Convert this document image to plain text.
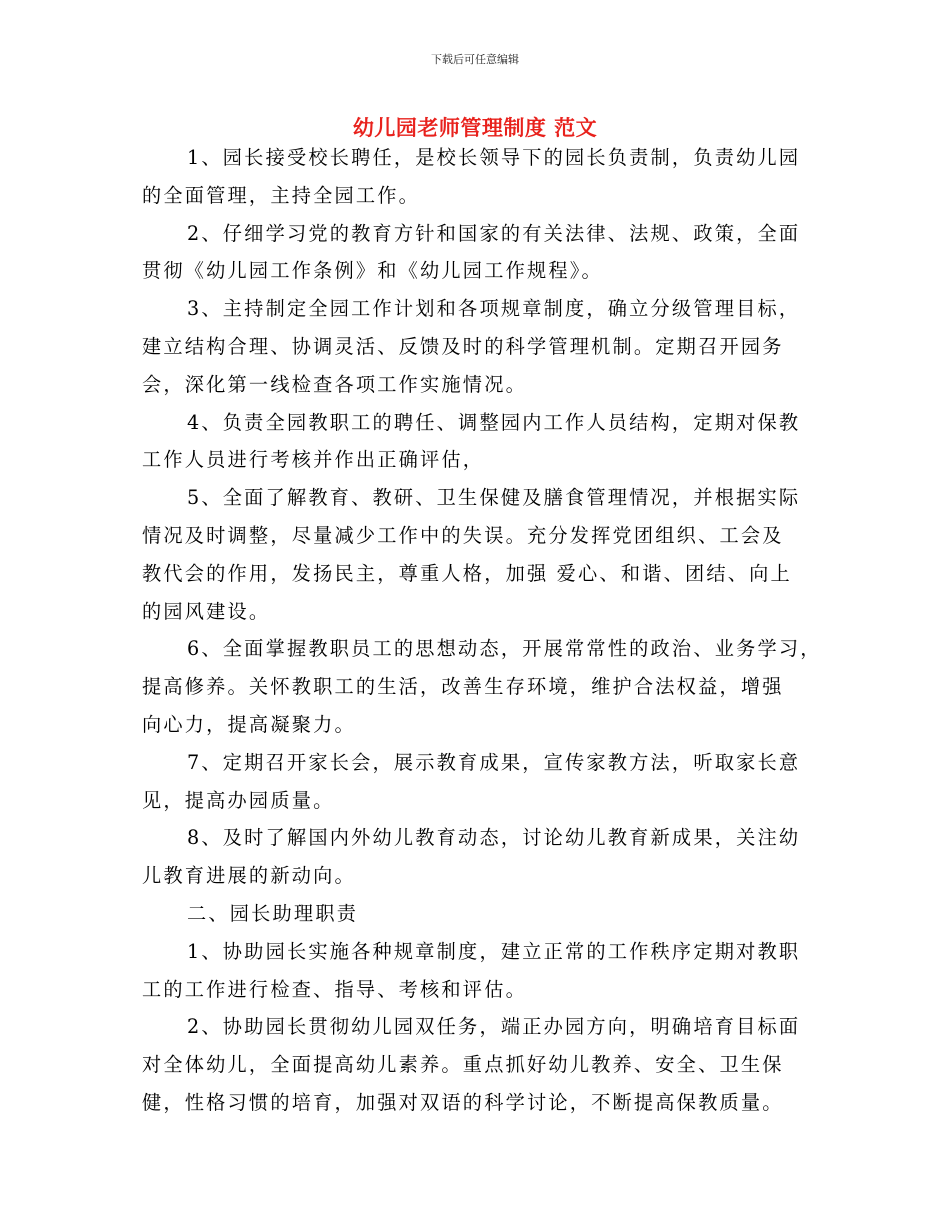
下载后可任意编辑
幼儿园老师管理制度 范文
1、园长接受校长聘任，是校长领导下的园长负责制，负责幼儿园
的全面管理，主持全园工作。
2、仔细学习党的教育方针和国家的有关法律、法规、政策，全面
贯彻《幼儿园工作条例》和《幼儿园工作规程》。
3、主持制定全园工作计划和各项规章制度，确立分级管理目标，
建立结构合理、协调灵活、反馈及时的科学管理机制。定期召开园务
会，深化第一线检查各项工作实施情况。
4、负责全园教职工的聘任、调整园内工作人员结构，定期对保教
工作人员进行考核并作出正确评估，
5、全面了解教育、教研、卫生保健及膳食管理情况，并根据实际
情况及时调整，尽量减少工作中的失误。充分发挥党团组织、工会及
教代会的作用，发扬民主，尊重人格，加强 爱心、和谐、团结、向上
的园风建设。
6、全面掌握教职员工的思想动态，开展常常性的政治、业务学习，
提高修养。关怀教职工的生活，改善生存环境，维护合法权益，增强
向心力，提高凝聚力。
7、定期召开家长会，展示教育成果，宣传家教方法，听取家长意
见，提高办园质量。
8、及时了解国内外幼儿教育动态，讨论幼儿教育新成果，关注幼
儿教育进展的新动向。
二、园长助理职责
1、协助园长实施各种规章制度，建立正常的工作秩序定期对教职
工的工作进行检查、指导、考核和评估。
2、协助园长贯彻幼儿园双任务，端正办园方向，明确培育目标面
对全体幼儿，全面提高幼儿素养。重点抓好幼儿教养、安全、卫生保
健，性格习惯的培育，加强对双语的科学讨论，不断提高保教质量。
